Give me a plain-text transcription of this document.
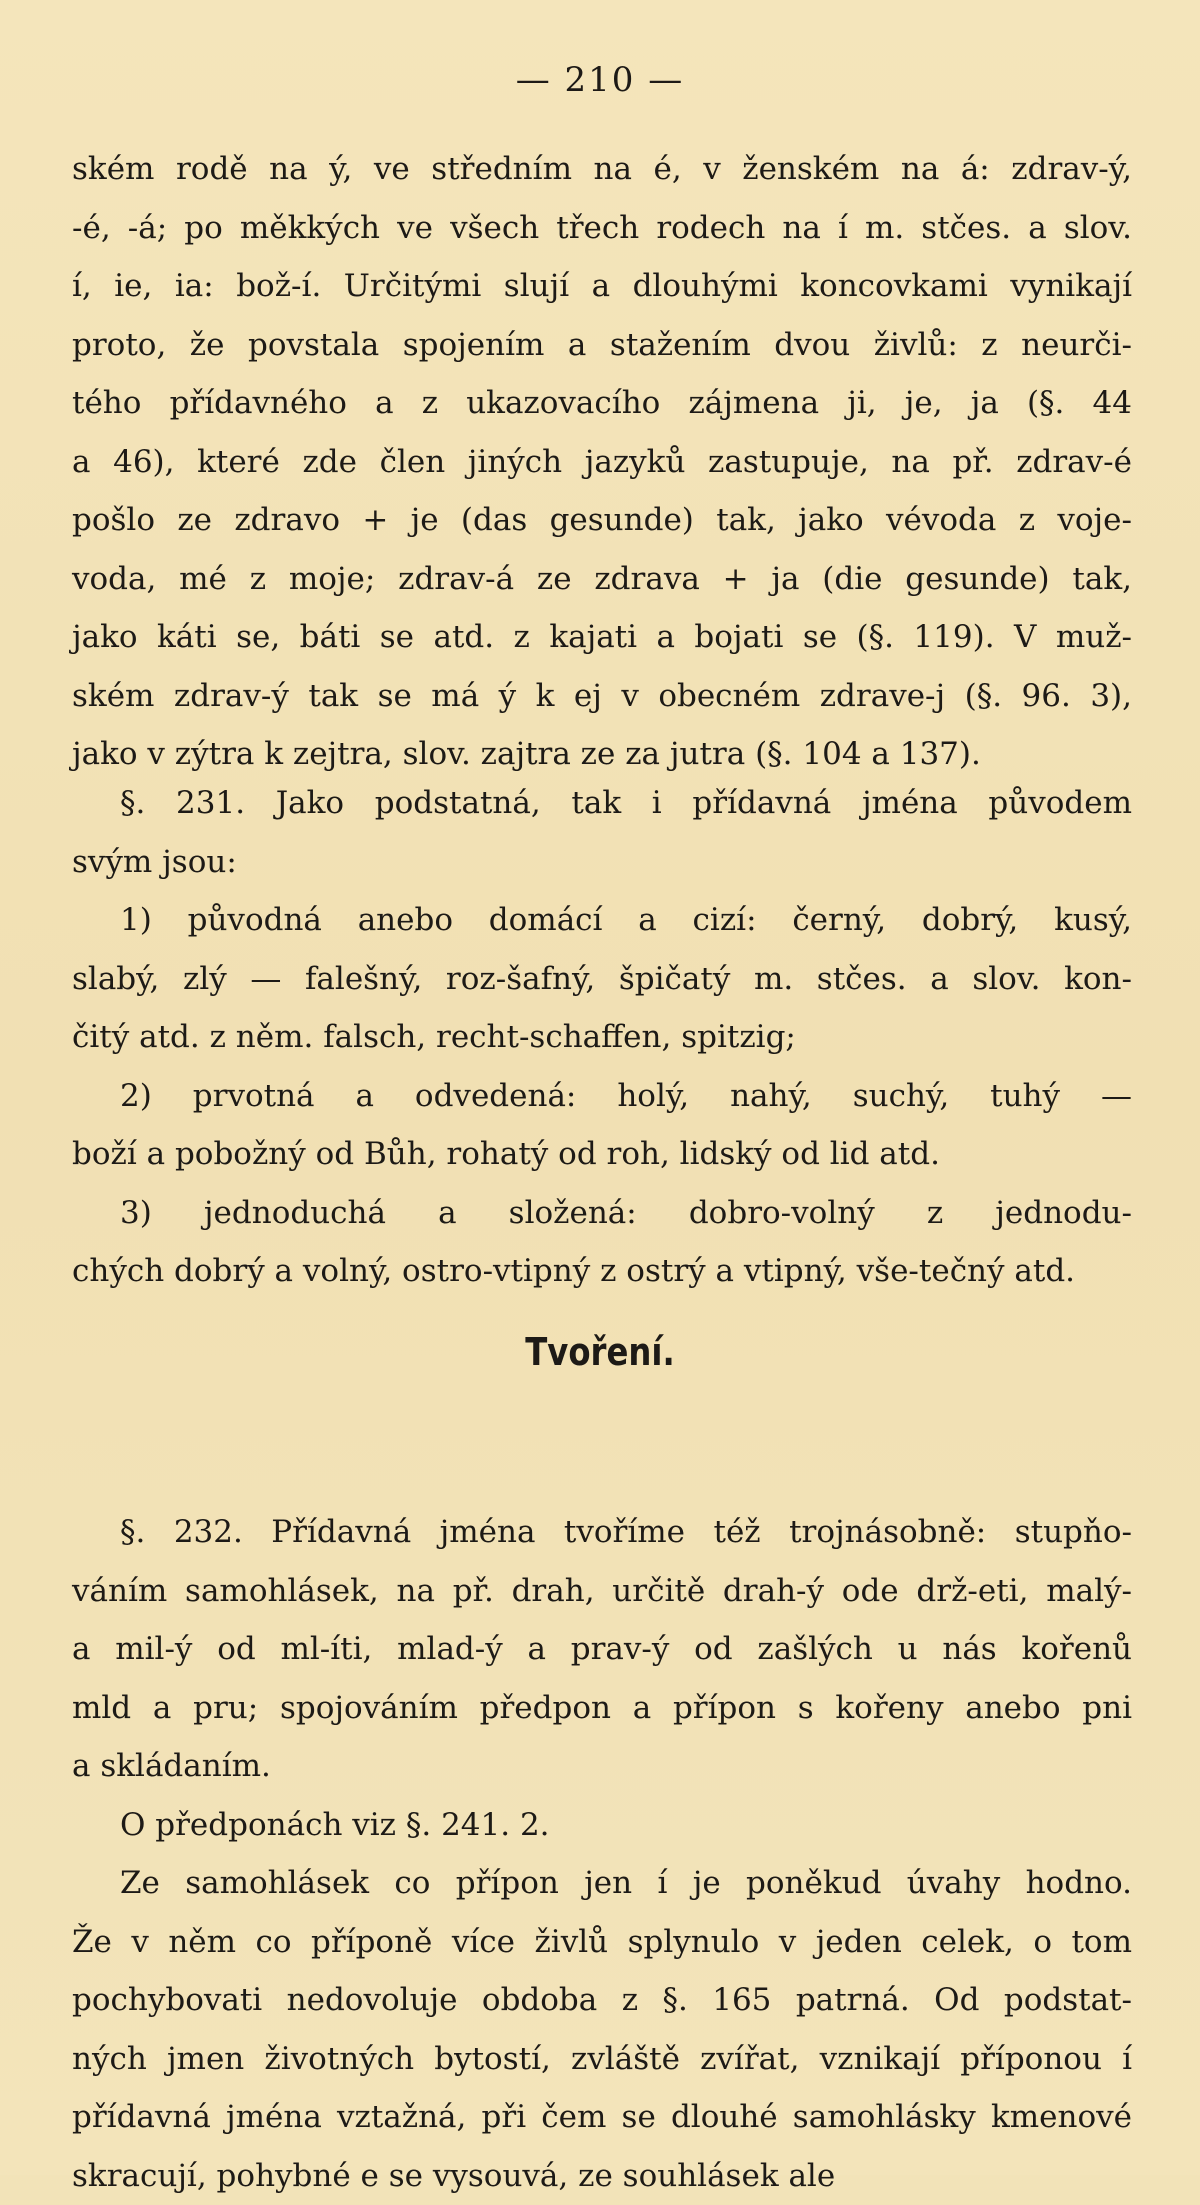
— 210 —

ském rodě na ý, ve středním na é, v ženském na á: zdrav-ý,

-é, -á; po měkkých ve všech třech rodech na í m. stčes. a slov.

í, ie, ia: bož-í. Určitými slují a dlouhými koncovkami vynikají

proto, že povstala spojením a stažením dvou živlů: z neurči-

tého přídavného a z ukazovacího zájmena ji, je, ja (§. 44

a 46), které zde člen jiných jazyků zastupuje, na př. zdrav-é

pošlo ze zdravo + je (das gesunde) tak, jako vévoda z voje-

voda, mé z moje; zdrav-á ze zdrava + ja (die gesunde) tak,

jako káti se, báti se atd. z kajati a bojati se (§. 119). V muž-

ském zdrav-ý tak se má ý k ej v obecném zdrave-j (§. 96. 3),

jako v zýtra k zejtra, slov. zajtra ze za jutra (§. 104 a 137).

§. 231. Jako podstatná, tak i přídavná jména původem

svým jsou:

1) původná anebo domácí a cizí: černý, dobrý, kusý,

slabý, zlý — falešný, roz-šafný, špičatý m. stčes. a slov. kon-

čitý atd. z něm. falsch, recht-schaffen, spitzig;

2) prvotná a odvedená: holý, nahý, suchý, tuhý —

boží a pobožný od Bůh, rohatý od roh, lidský od lid atd.

3) jednoduchá a složená: dobro-volný z jednodu-

chých dobrý a volný, ostro-vtipný z ostrý a vtipný, vše-tečný atd.

Tvoření.

§. 232. Přídavná jména tvoříme též trojnásobně: stupňo-

váním samohlásek, na př. drah, určitě drah-ý ode drž-eti, malý-

a mil-ý od ml-íti, mlad-ý a prav-ý od zašlých u nás kořenů

mld a pru; spojováním předpon a přípon s kořeny anebo pni

a skládaním.

O předponách viz §. 241. 2.

Ze samohlásek co přípon jen í je poněkud úvahy hodno.

Že v něm co příponě více živlů splynulo v jeden celek, o tom

pochybovati nedovoluje obdoba z §. 165 patrná. Od podstat-

ných jmen životných bytostí, zvláště zvířat, vznikají příponou í

přídavná jména vztažná, při čem se dlouhé samohlásky kmenové

skracují, pohybné e se vysouvá, ze souhlásek ale
